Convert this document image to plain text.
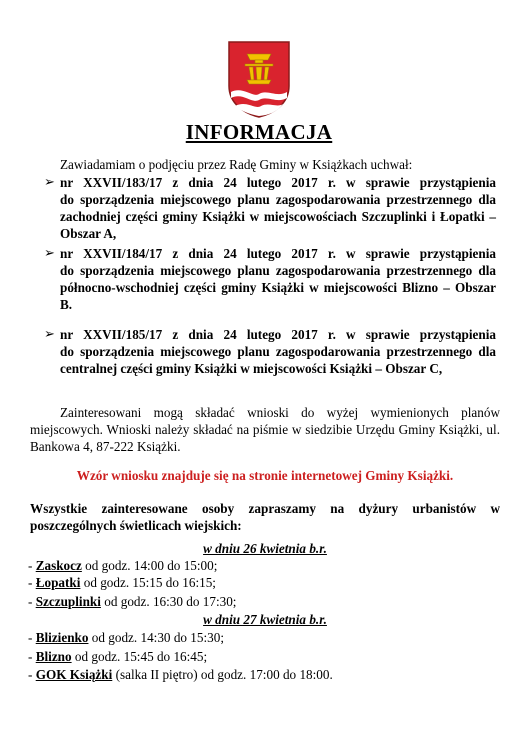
INFORMACJA

Zawiadamiam o podjęciu przez Radę Gminy w Książkach uchwał:

➢ nr XXVII/183/17 z dnia 24 lutego 2017 r. w sprawie przystąpienia
do sporządzenia miejscowego planu zagospodarowania przestrzennego dla zachodniej części gminy Książki w miejscowościach Szczuplinki i Łopatki – Obszar A,
➢ nr XXVII/184/17 z dnia 24 lutego 2017 r. w sprawie przystąpienia
do sporządzenia miejscowego planu zagospodarowania przestrzennego dla północno-wschodniej części gminy Książki w miejscowości Blizno – Obszar B.
➢ nr XXVII/185/17 z dnia 24 lutego 2017 r. w sprawie przystąpienia
do sporządzenia miejscowego planu zagospodarowania przestrzennego dla centralnej części gminy Książki w miejscowości Książki – Obszar C,

Zainteresowani mogą składać wnioski do wyżej wymienionych planów miejscowych. Wnioski należy składać na piśmie w siedzibie Urzędu Gminy Książki, ul. Bankowa 4, 87-222 Książki.

Wzór wniosku znajduje się na stronie internetowej Gminy Książki.

Wszystkie zainteresowane osoby zapraszamy na dyżury urbanistów w poszczególnych świetlicach wiejskich:

w dniu 26 kwietnia b.r.
- Zaskocz od godz. 14:00 do 15:00;
- Łopatki od godz. 15:15 do 16:15;
- Szczuplinki od godz. 16:30 do 17:30;
w dniu 27 kwietnia b.r.
- Blizienko od godz. 14:30 do 15:30;
- Blizno od godz. 15:45 do 16:45;
- GOK Książki (salka II piętro) od godz. 17:00 do 18:00.
